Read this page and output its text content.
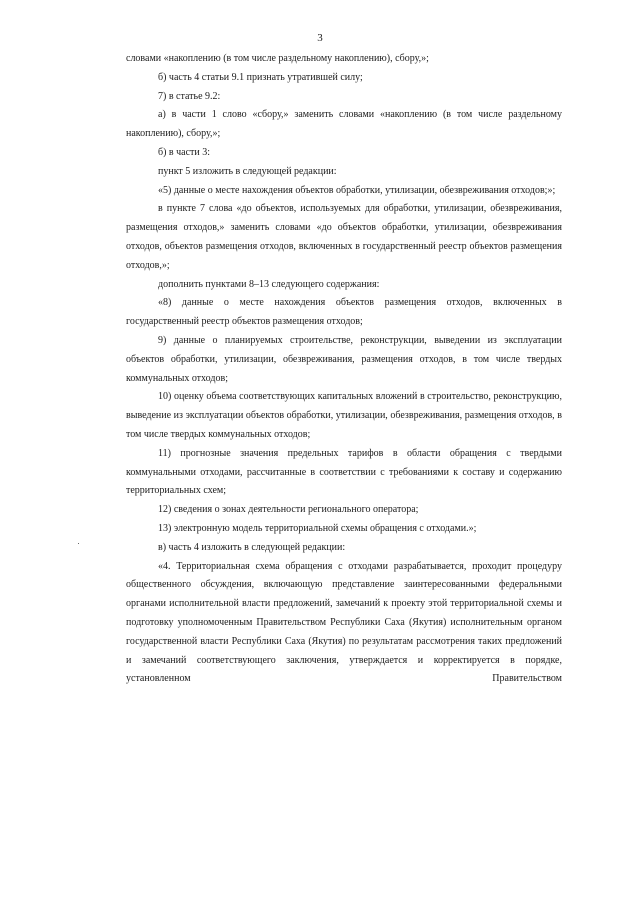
3

словами «накоплению (в том числе раздельному накоплению), сбору,»;

б) часть 4 статьи 9.1 признать утратившей силу;

7) в статье 9.2:

а) в части 1 слово «сбору,» заменить словами «накоплению (в том числе раздельному накоплению), сбору,»;

б) в части 3:

пункт 5 изложить в следующей редакции:

«5) данные о месте нахождения объектов обработки, утилизации, обезвреживания отходов;»;

в пункте 7 слова «до объектов, используемых для обработки, утилизации, обезвреживания, размещения отходов,» заменить словами «до объектов обработки, утилизации, обезвреживания отходов, объектов размещения отходов, включенных в государственный реестр объектов размещения отходов,»;

дополнить пунктами 8–13 следующего содержания:

«8) данные о месте нахождения объектов размещения отходов, включенных в государственный реестр объектов размещения отходов;

9) данные о планируемых строительстве, реконструкции, выведении из эксплуатации объектов обработки, утилизации, обезвреживания, размещения отходов, в том числе твердых коммунальных отходов;

10) оценку объема соответствующих капитальных вложений в строительство, реконструкцию, выведение из эксплуатации объектов обработки, утилизации, обезвреживания, размещения отходов, в том числе твердых коммунальных отходов;

11) прогнозные значения предельных тарифов в области обращения с твердыми коммунальными отходами, рассчитанные в соответствии с требованиями к составу и содержанию территориальных схем;

12) сведения о зонах деятельности регионального оператора;

13) электронную модель территориальной схемы обращения с отходами.»;

в) часть 4 изложить в следующей редакции:

«4. Территориальная схема обращения с отходами разрабатывается, проходит процедуру общественного обсуждения, включающую представление заинтересованными федеральными органами исполнительной власти предложений, замечаний к проекту этой территориальной схемы и подготовку уполномоченным Правительством Республики Саха (Якутия) исполнительным органом государственной власти Республики Саха (Якутия) по результатам рассмотрения таких предложений и замечаний соответствующего заключения, утверждается и корректируется в порядке, установленном Правительством
